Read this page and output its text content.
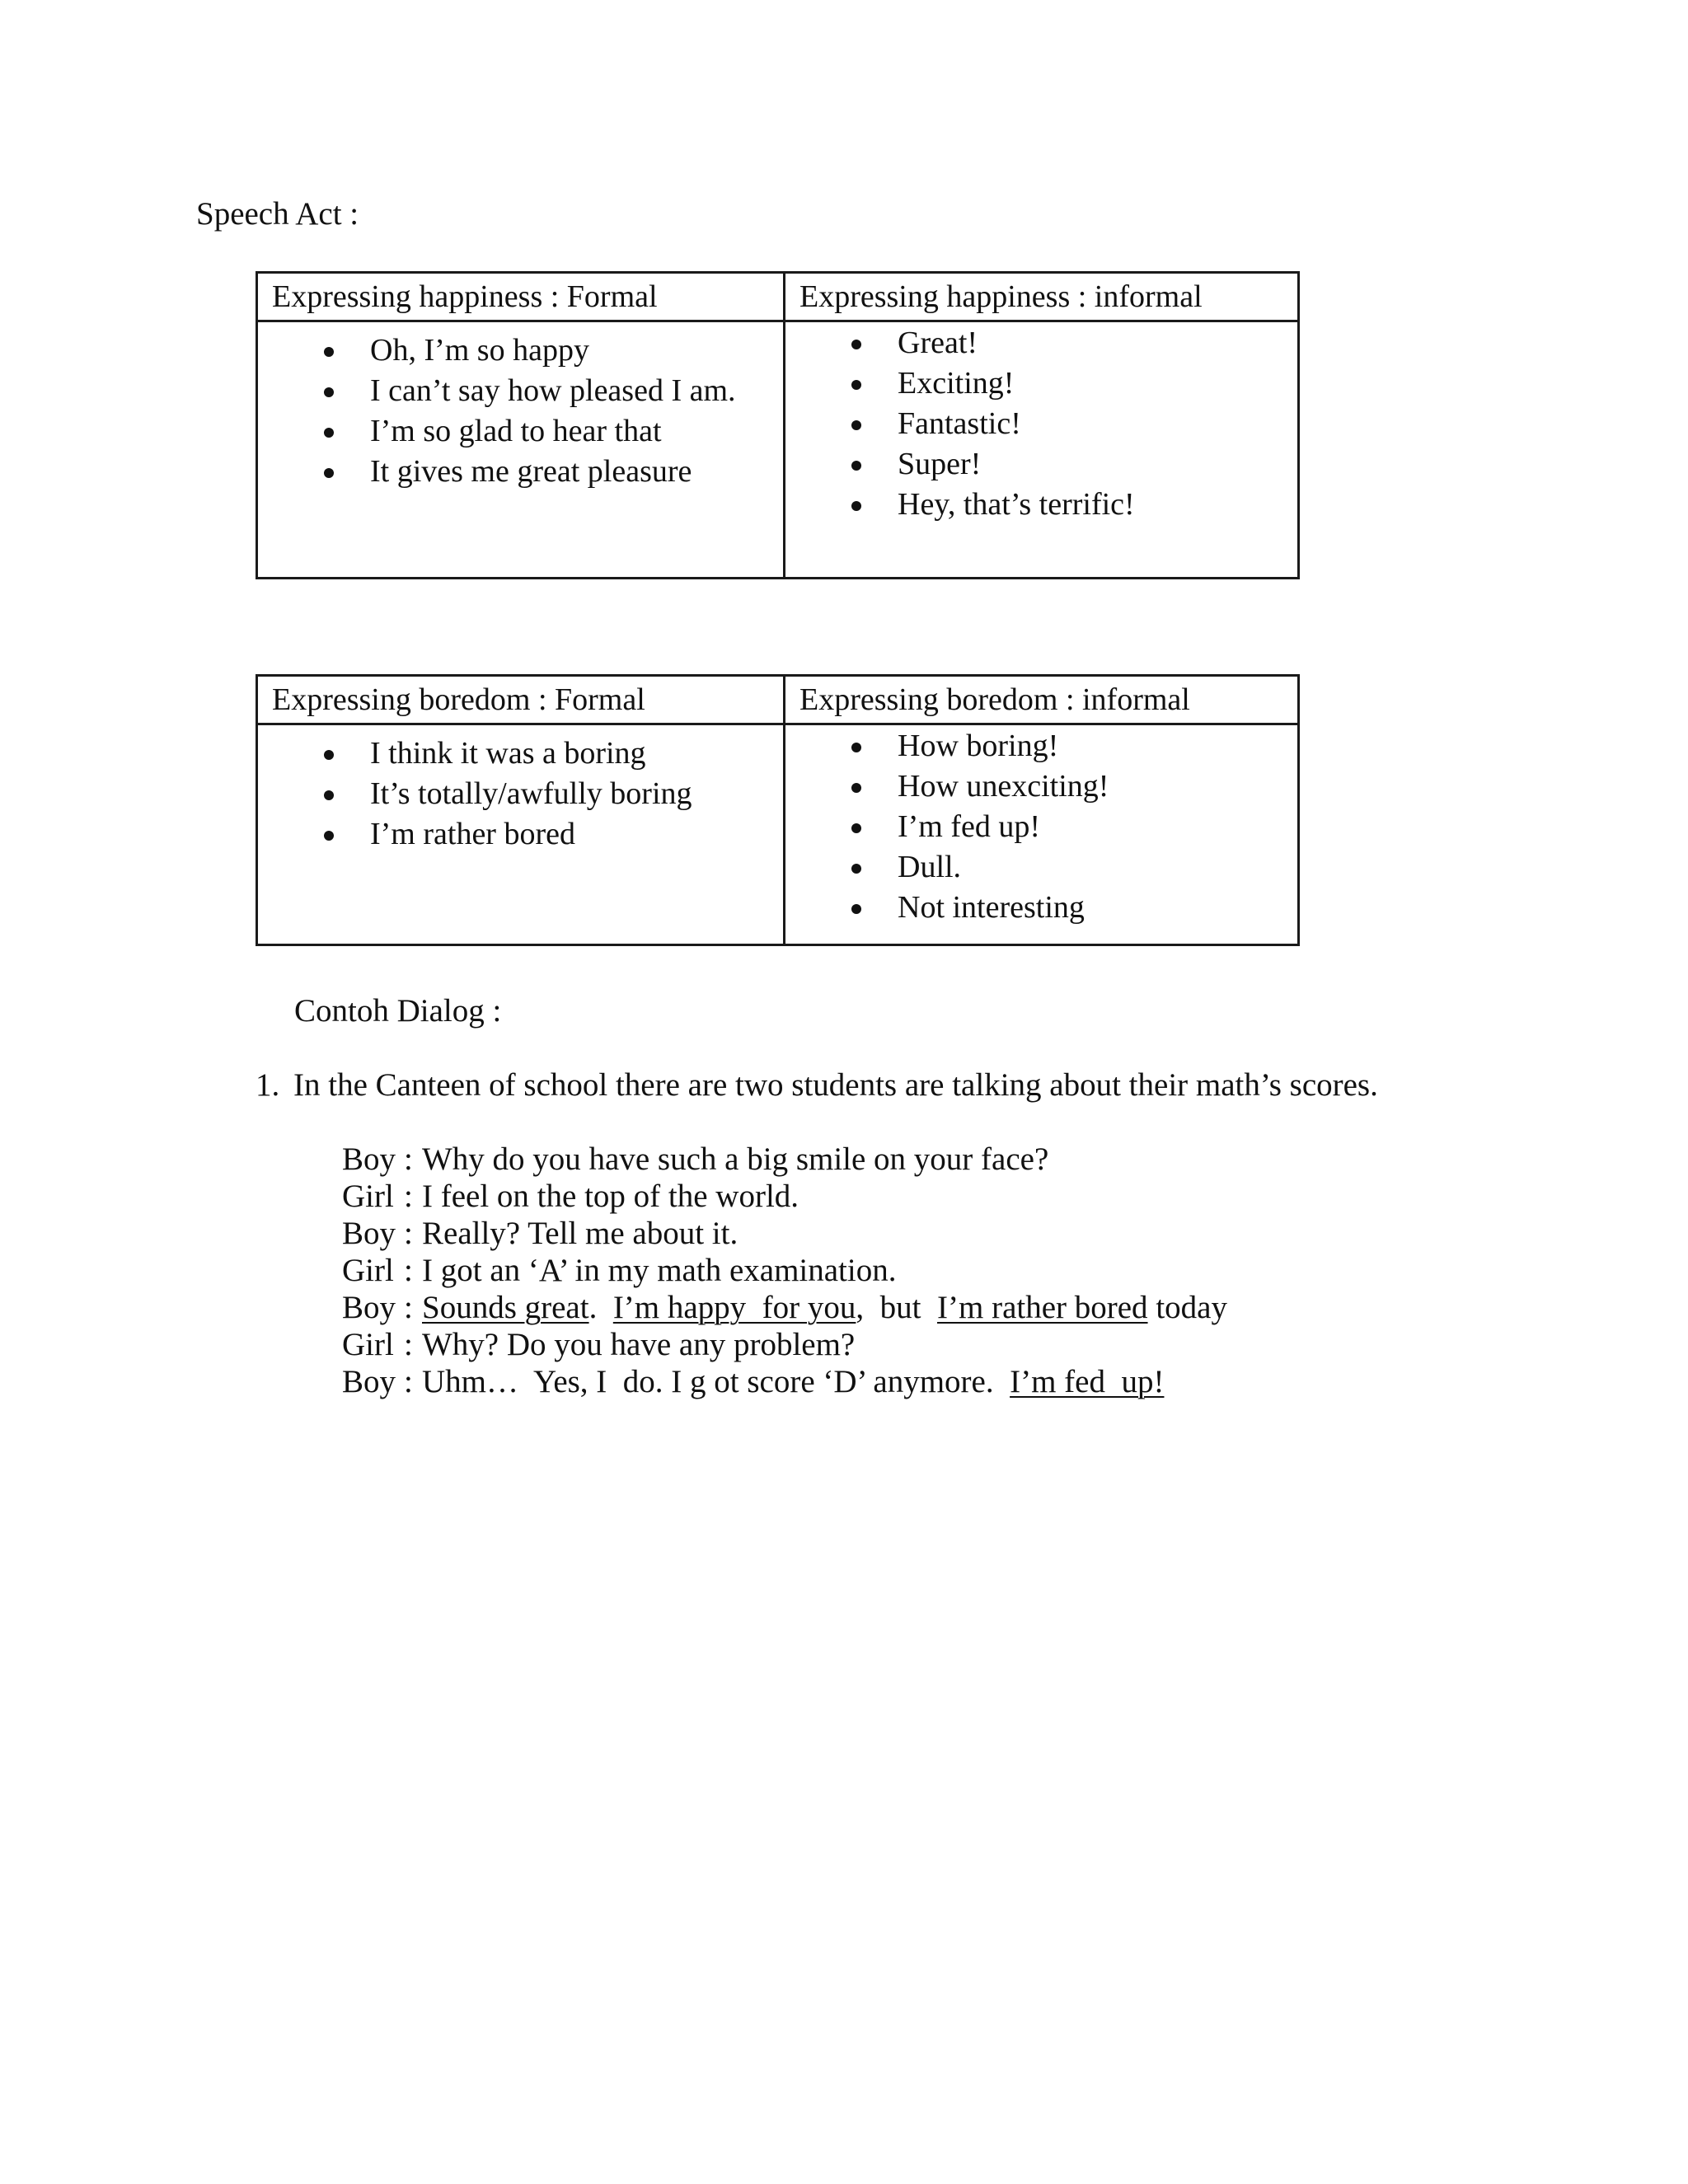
Speech Act :
Expressing happiness : Formal	Expressing happiness : informal
Oh, I’m so happy
I can’t say how pleased I am.
I’m so glad to hear that
It gives me great pleasure
Great!
Exciting!
Fantastic!
Super!
Hey, that’s terrific!
Expressing boredom : Formal	Expressing boredom : informal
I think it was a boring
It’s totally/awfully boring
I’m rather bored
How boring!
How unexciting!
I’m fed up!
Dull.
Not interesting
Contoh Dialog :
1. In the Canteen of school there are two students are talking about their math’s scores.
Boy : Why do you have such a big smile on your face?
Girl : I feel on the top of the world.
Boy : Really? Tell me about it.
Girl : I got an ‘A’ in my math examination.
Boy : Sounds great.  I’m happy  for you,  but  I’m rather bored today
Girl : Why? Do you have any problem?
Boy : Uhm…  Yes, I  do. I g ot score ‘D’ anymore.  I’m fed  up!
